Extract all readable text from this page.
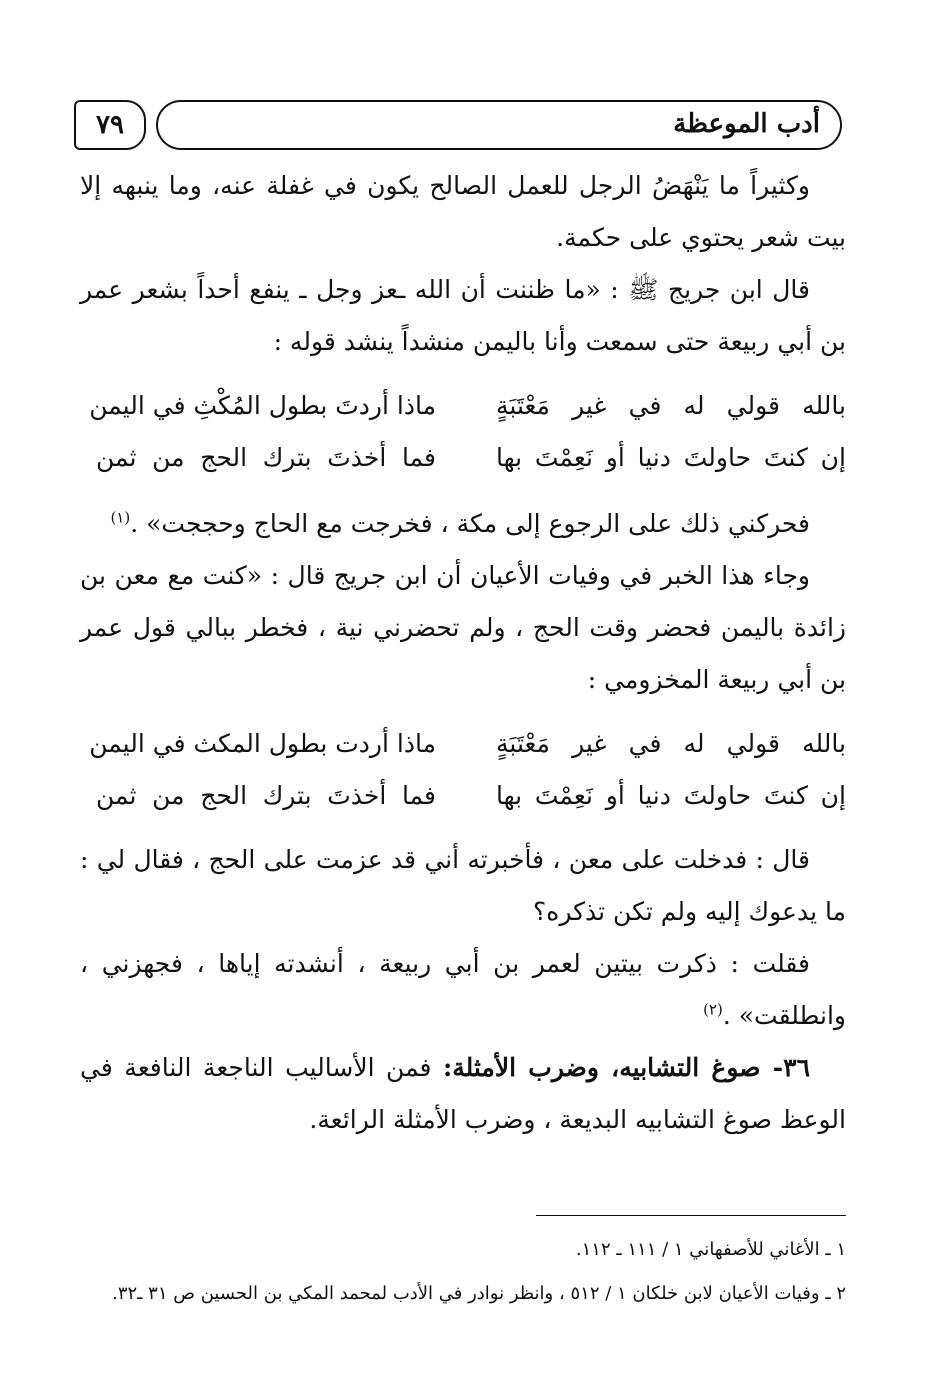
أدب الموعظة
٧٩

وكثيراً ما يَنْهَضُ الرجل للعمل الصالح يكون في غفلة عنه، وما ينبهه إلا بيت شعر يحتوي على حكمة.

قال ابن جريج ﷺ : «ما ظننت أن الله ـعز وجل ـ ينفع أحداً بشعر عمر بن أبي ربيعة حتى سمعت وأنا باليمن منشداً ينشد قوله :

بالله قولي له في غير مَعْتَبَةٍ
ماذا أردتَ بطول المُكْثِ في اليمن
إن كنتَ حاولتَ دنيا أو نَعِمْتَ بها
فما أخذتَ بترك الحج من ثمن

فحركني ذلك على الرجوع إلى مكة ، فخرجت مع الحاج وحججت» .$^{(١)}$

وجاء هذا الخبر في وفيات الأعيان أن ابن جريج قال : «كنت مع معن بن زائدة باليمن فحضر وقت الحج ، ولم تحضرني نية ، فخطر ببالي قول عمر بن أبي ربيعة المخزومي :

بالله قولي له في غير مَعْتَبَةٍ
ماذا أردت بطول المكث في اليمن
إن كنتَ حاولتَ دنيا أو نَعِمْتَ بها
فما أخذتَ بترك الحج من ثمن

قال : فدخلت على معن ، فأخبرته أني قد عزمت على الحج ، فقال لي : ما يدعوك إليه ولم تكن تذكره؟

فقلت : ذكرت بيتين لعمر بن أبي ربيعة ، أنشدته إياها ، فجهزني ، وانطلقت» .$^{(٢)}$

٣٦- صوغ التشابيه، وضرب الأمثلة: فمن الأساليب الناجعة النافعة في الوعظ صوغ التشابيه البديعة ، وضرب الأمثلة الرائعة.

١ ـ الأغاني للأصفهاني ١ / ١١١ ـ ١١٢.
٢ ـ وفيات الأعيان لابن خلكان ١ / ٥١٢ ، وانظر نوادر في الأدب لمحمد المكي بن الحسين ص ٣١ ـ٣٢.
